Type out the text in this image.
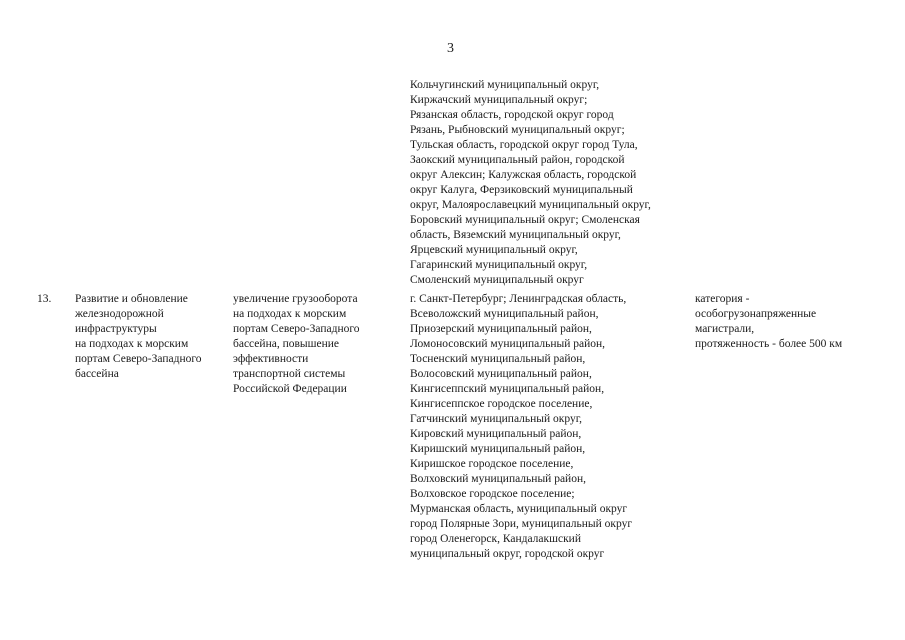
3
Кольчугинский муниципальный округ,
Киржачский муниципальный округ;
Рязанская область, городской округ город
Рязань, Рыбновский муниципальный округ;
Тульская область, городской округ город Тула,
Заокский муниципальный район, городской
округ Алексин; Калужская область, городской
округ Калуга, Ферзиковский муниципальный
округ, Малоярославецкий муниципальный округ,
Боровский муниципальный округ; Смоленская
область, Вяземский муниципальный округ,
Ярцевский муниципальный округ,
Гагаринский муниципальный округ,
Смоленский муниципальный округ
13.	Развитие и обновление
железнодорожной
инфраструктуры
на подходах к морским
портам Северо-Западного
бассейна
увеличение грузооборота
на подходах к морским
портам Северо-Западного
бассейна, повышение
эффективности
транспортной системы
Российской Федерации
г. Санкт-Петербург; Ленинградская область,
Всеволожский муниципальный район,
Приозерский муниципальный район,
Ломоносовский муниципальный район,
Тосненский муниципальный район,
Волосовский муниципальный район,
Кингисеппский муниципальный район,
Кингисеппское городское поселение,
Гатчинский муниципальный округ,
Кировский муниципальный район,
Киришский муниципальный район,
Киришское городское поселение,
Волховский муниципальный район,
Волховское городское поселение;
Мурманская область, муниципальный округ
город Полярные Зори, муниципальный округ
город Оленегорск, Кандалакшский
муниципальный округ, городской округ
категория -
особогрузонапряженные
магистрали,
протяженность - более 500 км
